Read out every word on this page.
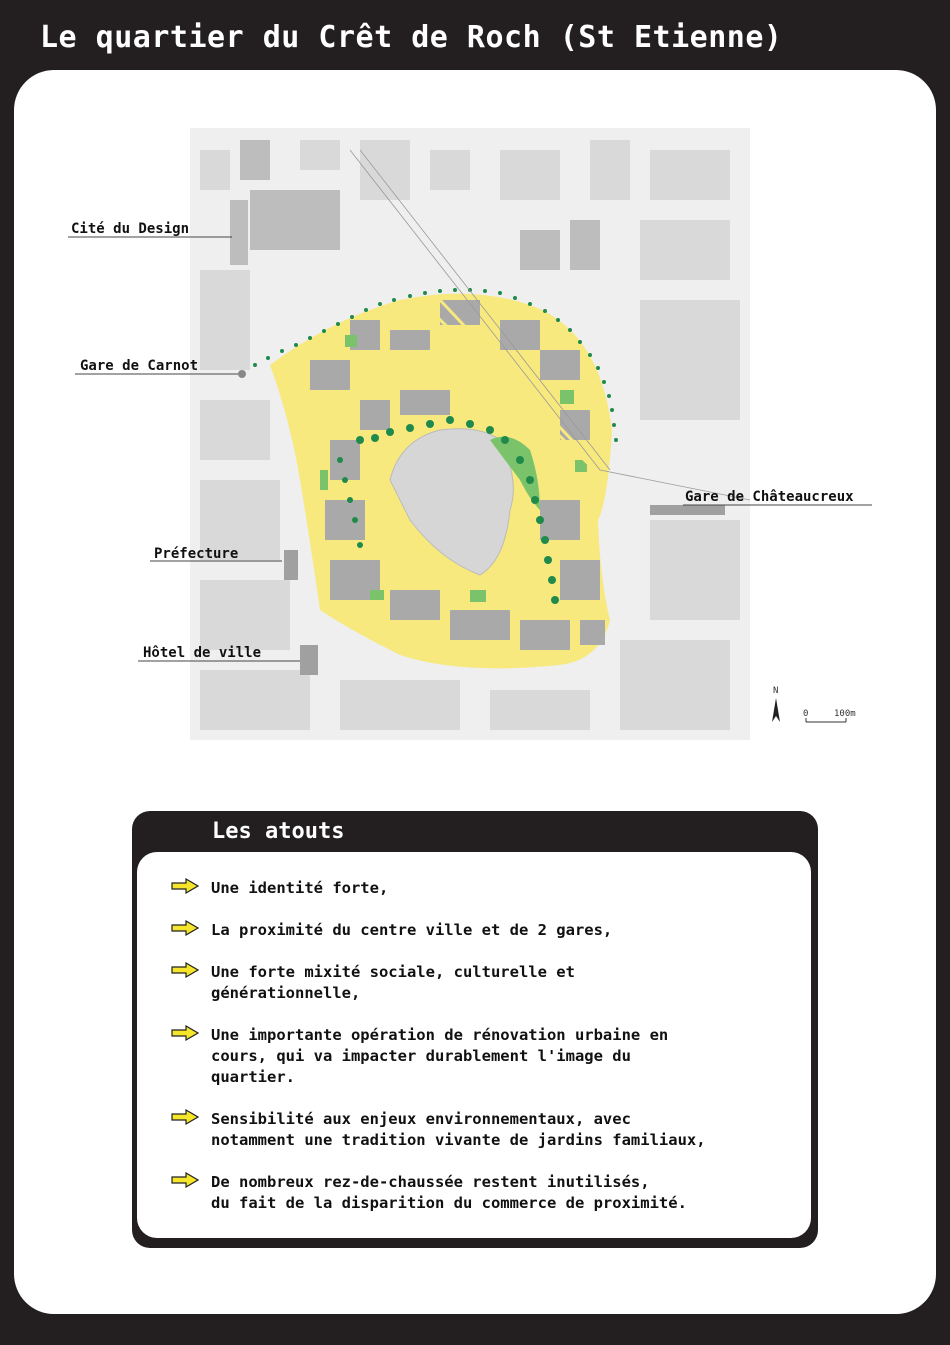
Le quartier du Crêt de Roch (St Etienne)
Cité du Design
Gare de Carnot
Gare de Châteaucreux
Préfecture
Hôtel de ville
N
0	100m
Les atouts
Une identité forte,
La proximité du centre ville et de 2 gares,
Une forte mixité sociale, culturelle et
générationnelle,
Une importante opération de rénovation urbaine en
cours, qui va impacter durablement l'image du
quartier.
Sensibilité aux enjeux environnementaux, avec
notamment une tradition vivante de jardins familiaux,
De nombreux rez-de-chaussée restent inutilisés,
du fait de la disparition du commerce de proximité.
